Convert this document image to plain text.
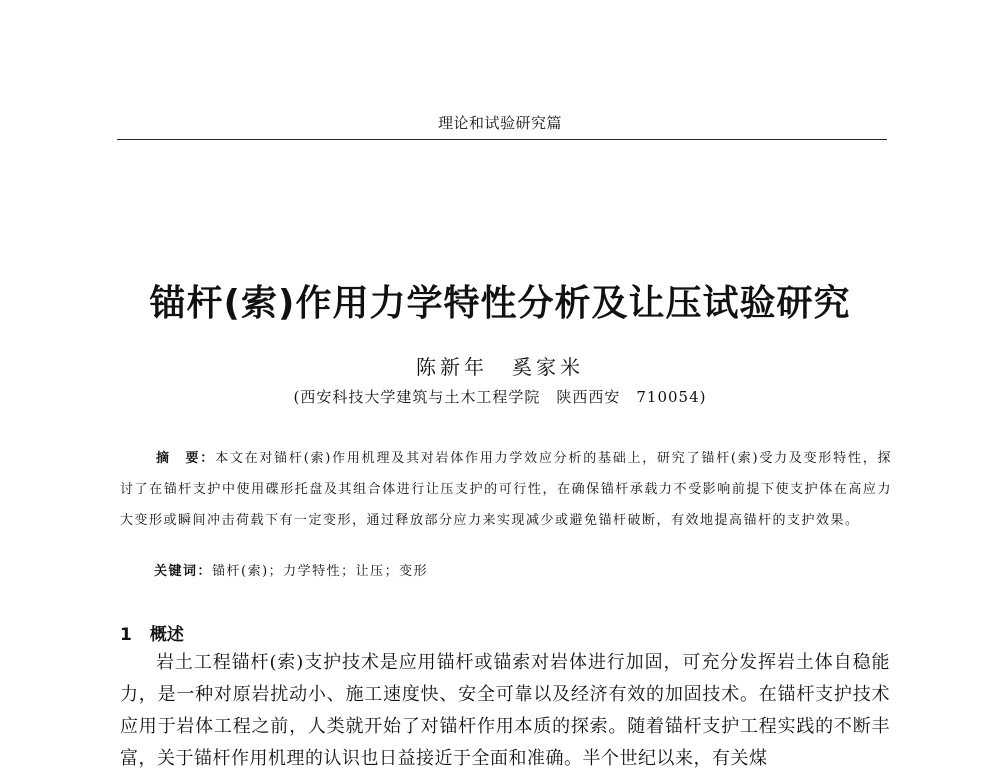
理论和试验研究篇
锚杆(索)作用力学特性分析及让压试验研究
陈新年　奚家米
(西安科技大学建筑与土木工程学院　陕西西安　710054)
摘　要：本文在对锚杆(索)作用机理及其对岩体作用力学效应分析的基础上，研究了锚杆(索)受力及变形特性，探讨了在锚杆支护中使用碟形托盘及其组合体进行让压支护的可行性，在确保锚杆承载力不受影响前提下使支护体在高应力大变形或瞬间冲击荷载下有一定变形，通过释放部分应力来实现减少或避免锚杆破断，有效地提高锚杆的支护效果。
关键词：锚杆(索)；力学特性；让压；变形
1 概述
岩土工程锚杆(索)支护技术是应用锚杆或锚索对岩体进行加固，可充分发挥岩土体自稳能力，是一种对原岩扰动小、施工速度快、安全可靠以及经济有效的加固技术。在锚杆支护技术应用于岩体工程之前，人类就开始了对锚杆作用本质的探索。随着锚杆支护工程实践的不断丰富，关于锚杆作用机理的认识也日益接近于全面和准确。半个世纪以来，有关煤
